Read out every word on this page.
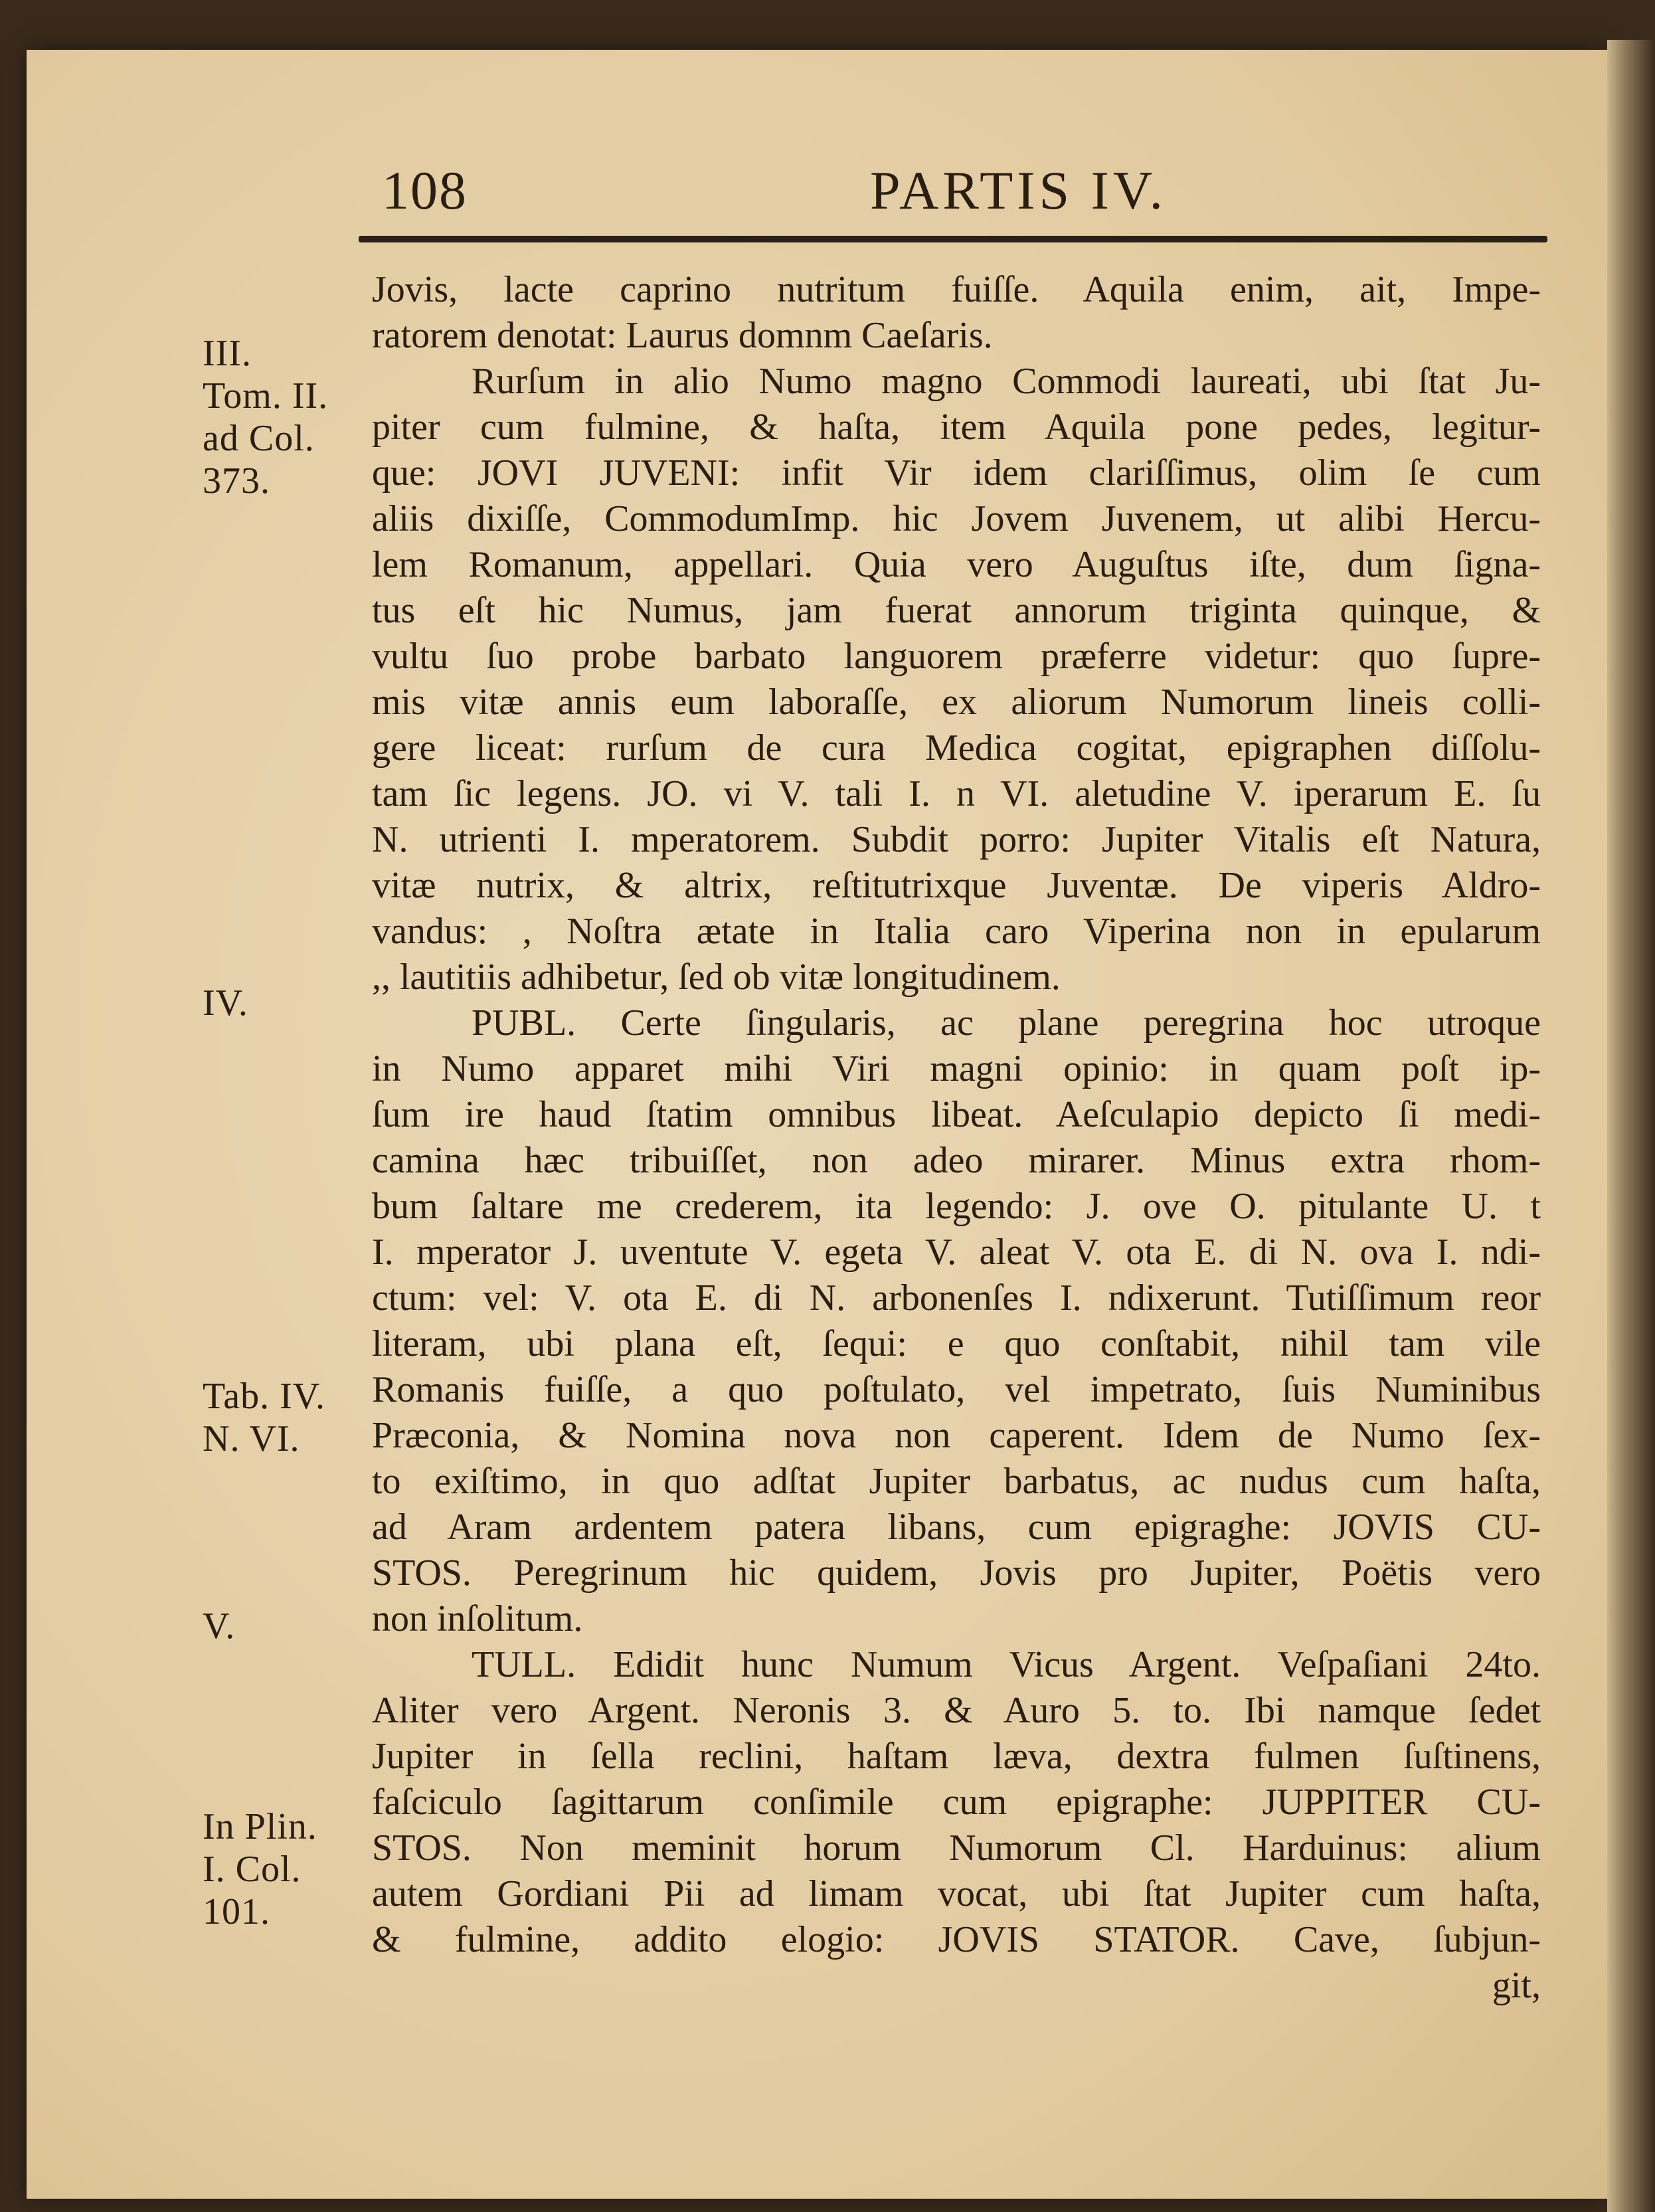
108	PARTIS IV.
III.
Tom. II.
ad Col.
373.
IV.
Tab. IV.
N. VI.
V.
In Plin.
I. Col.
101.
Jovis, lacte caprino nutritum fuiſſe. Aquila enim, ait, Impe-
ratorem denotat: Laurus domnm Caeſaris.
Rurſum in alio Numo magno Commodi laureati, ubi ſtat Ju-
piter cum fulmine, & haſta, item Aquila pone pedes, legitur-
que: JOVI JUVENI: infit Vir idem clariſſimus, olim ſe cum
aliis dixiſſe, CommodumImp. hic Jovem Juvenem, ut alibi Hercu-
lem Romanum, appellari. Quia vero Auguſtus iſte, dum ſigna-
tus eſt hic Numus, jam fuerat annorum triginta quinque, &
vultu ſuo probe barbato languorem præferre videtur: quo ſupre-
mis vitæ annis eum laboraſſe, ex aliorum Numorum lineis colli-
gere liceat: rurſum de cura Medica cogitat, epigraphen diſſolu-
tam ſic legens. JO. vi V. tali I. n VI. aletudine V. iperarum E. ſu
N. utrienti I. mperatorem. Subdit porro: Jupiter Vitalis eſt Natura,
vitæ nutrix, & altrix, reſtitutrixque Juventæ. De viperis Aldro-
vandus: , Noſtra ætate in Italia caro Viperina non in epularum
,, lautitiis adhibetur, ſed ob vitæ longitudinem.
PUBL. Certe ſingularis, ac plane peregrina hoc utroque
in Numo apparet mihi Viri magni opinio: in quam poſt ip-
ſum ire haud ſtatim omnibus libeat. Aeſculapio depicto ſi medi-
camina hæc tribuiſſet, non adeo mirarer. Minus extra rhom-
bum ſaltare me crederem, ita legendo: J. ove O. pitulante U. t
I. mperator J. uventute V. egeta V. aleat V. ota E. di N. ova I. ndi-
ctum: vel: V. ota E. di N. arbonenſes I. ndixerunt. Tutiſſimum reor
literam, ubi plana eſt, ſequi: e quo conſtabit, nihil tam vile
Romanis fuiſſe, a quo poſtulato, vel impetrato, ſuis Numinibus
Præconia, & Nomina nova non caperent. Idem de Numo ſex-
to exiſtimo, in quo adſtat Jupiter barbatus, ac nudus cum haſta,
ad Aram ardentem patera libans, cum epigraghe: JOVIS CU-
STOS. Peregrinum hic quidem, Jovis pro Jupiter, Poëtis vero
non inſolitum.
TULL. Edidit hunc Numum Vicus Argent. Veſpaſiani 24to.
Aliter vero Argent. Neronis 3. & Auro 5. to. Ibi namque ſedet
Jupiter in ſella reclini, haſtam læva, dextra fulmen ſuſtinens,
faſciculo ſagittarum conſimile cum epigraphe: JUPPITER CU-
STOS. Non meminit horum Numorum Cl. Harduinus: alium
autem Gordiani Pii ad limam vocat, ubi ſtat Jupiter cum haſta,
& fulmine, addito elogio: JOVIS STATOR. Cave, ſubjun-
git,
